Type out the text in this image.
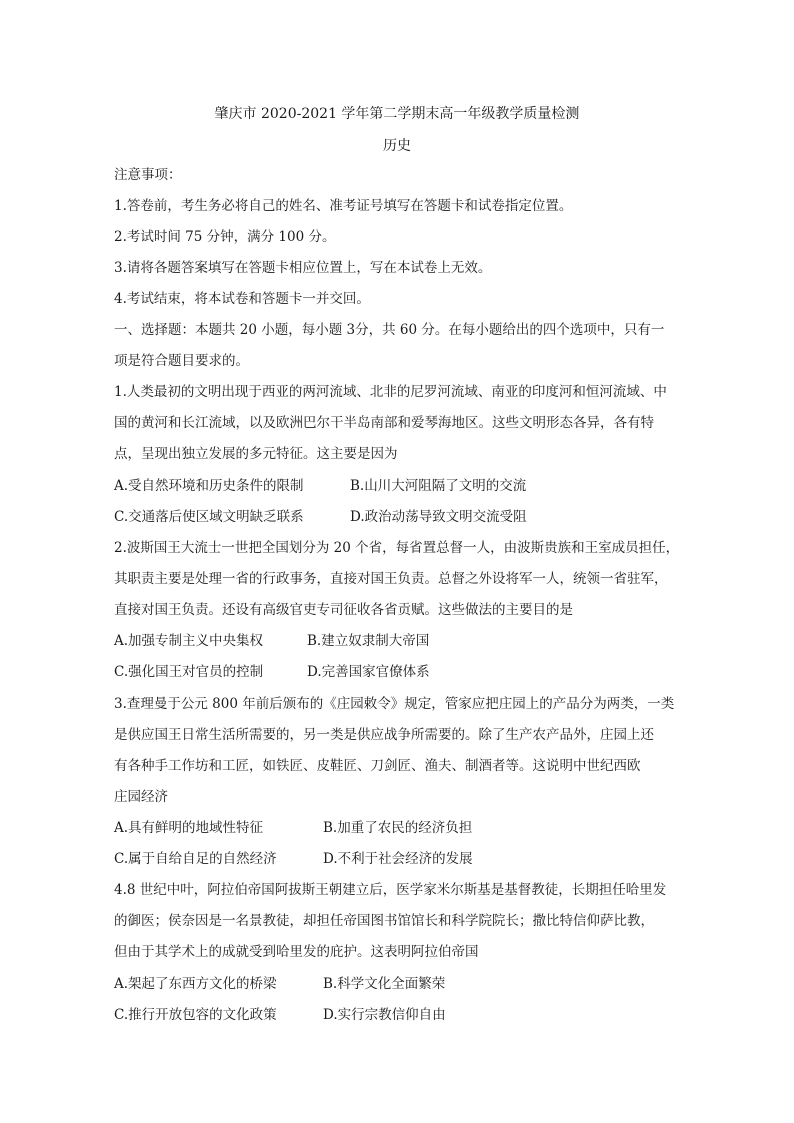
肇庆市 2020-2021 学年第二学期末高一年级教学质量检测
历史
注意事项：
1.答卷前，考生务必将自己的姓名、准考证号填写在答题卡和试卷指定位置。
2.考试时间 75 分钟，满分 100 分。
3.请将各题答案填写在答题卡相应位置上，写在本试卷上无效。
4.考试结束，将本试卷和答题卡一并交回。
一、选择题：本题共 20 小题，每小题 3分，共 60 分。在每小题给出的四个选项中，只有一
项是符合题目要求的。
1.人类最初的文明出现于西亚的两河流域、北非的尼罗河流域、南亚的印度河和恒河流域、中
国的黄河和长江流域，以及欧洲巴尔干半岛南部和爱琴海地区。这些文明形态各异，各有特
点，呈现出独立发展的多元特征。这主要是因为
A.受自然环境和历史条件的限制	B.山川大河阻隔了文明的交流
C.交通落后使区域文明缺乏联系	D.政治动荡导致文明交流受阻
2.波斯国王大流士一世把全国划分为 20 个省，每省置总督一人，由波斯贵族和王室成员担任，
其职责主要是处理一省的行政事务，直接对国王负责。总督之外设将军一人，统领一省驻军，
直接对国王负责。还设有高级官吏专司征收各省贡赋。这些做法的主要目的是
A.加强专制主义中央集权	B.建立奴隶制大帝国
C.强化国王对官员的控制	D.完善国家官僚体系
3.查理曼于公元 800 年前后颁布的《庄园敕令》规定，管家应把庄园上的产品分为两类，一类
是供应国王日常生活所需要的，另一类是供应战争所需要的。除了生产农产品外，庄园上还
有各种手工作坊和工匠，如铁匠、皮鞋匠、刀剑匠、渔夫、制酒者等。这说明中世纪西欧
庄园经济
A.具有鲜明的地域性特征	B.加重了农民的经济负担
C.属于自给自足的自然经济	D.不利于社会经济的发展
4.8 世纪中叶，阿拉伯帝国阿拔斯王朝建立后，医学家米尔斯基是基督教徒，长期担任哈里发
的御医；侯奈因是一名景教徒，却担任帝国图书馆馆长和科学院院长；撒比特信仰萨比教，
但由于其学术上的成就受到哈里发的庇护。这表明阿拉伯帝国
A.架起了东西方文化的桥梁	B.科学文化全面繁荣
C.推行开放包容的文化政策	D.实行宗教信仰自由
